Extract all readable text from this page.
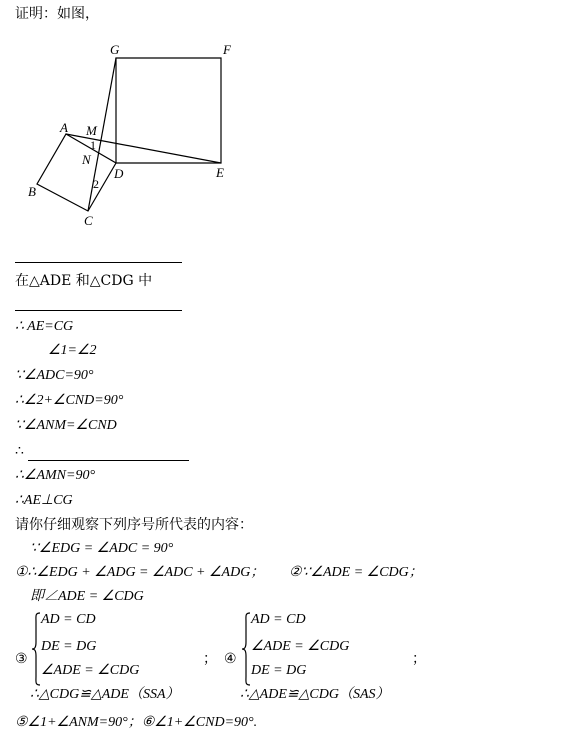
证明：如图，
G	F
A M
1
N
D	E
B	2
C
在△ADE 和△CDG 中
∴ AE=CG
∠1=∠2
∵∠ADC=90°
∴∠2+∠CND=90°
∵∠ANM=∠CND
∴
∴∠AMN=90°
∴AE⊥CG
请你仔细观察下列序号所代表的内容：
∵∠EDG = ∠ADC = 90°
①∴∠EDG + ∠ADG = ∠ADC + ∠ADG； ②∵∠ADE = ∠CDG；
即∠ADE = ∠CDG
③
AD = CD
DE = DG
∠ADE = ∠CDG
；
∴△CDG≌△ADE（SSA）
④
AD = CD
∠ADE = ∠CDG
DE = DG
；
∴△ADE≌△CDG（SAS）
⑤∠1+∠ANM=90°；⑥∠1+∠CND=90°.
